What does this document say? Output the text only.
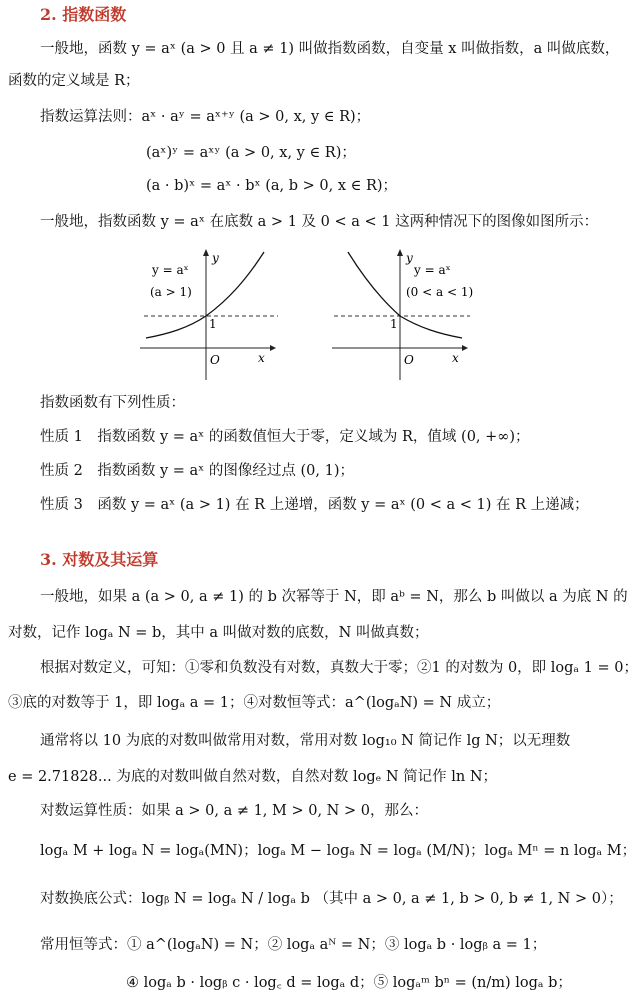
2. 指数函数
一般地，函数 y = aˣ (a > 0 且 a ≠ 1) 叫做指数函数，自变量 x 叫做指数，a 叫做底数，
函数的定义域是 R；
指数运算法则：aˣ · aʸ = aˣ⁺ʸ (a > 0, x, y ∈ R)；
(aˣ)ʸ = aˣʸ (a > 0, x, y ∈ R)；
(a · b)ˣ = aˣ · bˣ (a, b > 0, x ∈ R)；
一般地，指数函数 y = aˣ 在底数 a > 1 及 0 < a < 1 这两种情况下的图像如图所示：
y = aˣ
(a > 1)
y
1
O	x
y = aˣ
(0 < a < 1)
y
1
O	x
指数函数有下列性质：
性质 1　指数函数 y = aˣ 的函数值恒大于零，定义域为 R，值域 (0, +∞)；
性质 2　指数函数 y = aˣ 的图像经过点 (0, 1)；
性质 3　函数 y = aˣ (a > 1) 在 R 上递增，函数 y = aˣ (0 < a < 1) 在 R 上递减；
3. 对数及其运算
一般地，如果 a (a > 0, a ≠ 1) 的 b 次幂等于 N，即 aᵇ = N，那么 b 叫做以 a 为底 N 的
对数，记作 logₐ N = b，其中 a 叫做对数的底数，N 叫做真数；
根据对数定义，可知：①零和负数没有对数，真数大于零；②1 的对数为 0，即 logₐ 1 = 0；
③底的对数等于 1，即 logₐ a = 1；④对数恒等式：a^(logₐN) = N 成立；
通常将以 10 为底的对数叫做常用对数，常用对数 log₁₀ N 简记作 lg N；以无理数
e = 2.71828... 为底的对数叫做自然对数，自然对数 logₑ N 简记作 ln N；
对数运算性质：如果 a > 0, a ≠ 1, M > 0, N > 0，那么：
logₐ M + logₐ N = logₐ(MN)；logₐ M − logₐ N = logₐ (M/N)；logₐ Mⁿ = n logₐ M；
对数换底公式：logᵦ N = logₐ N / logₐ b （其中 a > 0, a ≠ 1, b > 0, b ≠ 1, N > 0）；
常用恒等式：① a^(logₐN) = N；② logₐ aᴺ = N；③ logₐ b · logᵦ a = 1；
④ logₐ b · logᵦ c · log꜀ d = logₐ d；⑤ logₐᵐ bⁿ = (n/m) logₐ b；
